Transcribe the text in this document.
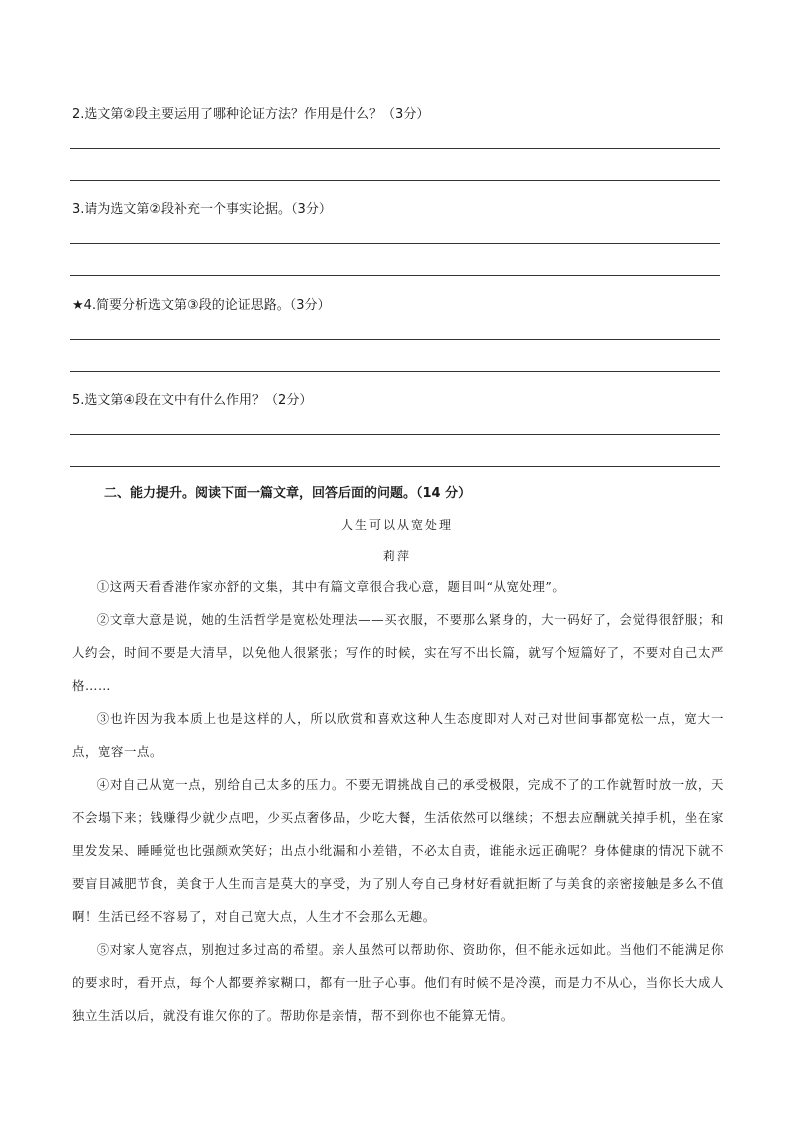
2.选文第②段主要运用了哪种论证方法？作用是什么？（3分）
3.请为选文第②段补充一个事实论据。（3分）
★4.简要分析选文第③段的论证思路。（3分）
5.选文第④段在文中有什么作用？（2分）
二、能力提升。阅读下面一篇文章，回答后面的问题。（14 分）
人生可以从宽处理
莉萍

①这两天看香港作家亦舒的文集，其中有篇文章很合我心意，题目叫“从宽处理”。

②文章大意是说，她的生活哲学是宽松处理法——买衣服，不要那么紧身的，大一码好了，会觉得很舒服；和人约会，时间不要是大清早，以免他人很紧张；写作的时候，实在写不出长篇，就写个短篇好了，不要对自己太严格……

③也许因为我本质上也是这样的人，所以欣赏和喜欢这种人生态度即对人对己对世间事都宽松一点，宽大一点，宽容一点。

④对自己从宽一点，别给自己太多的压力。不要无谓挑战自己的承受极限，完成不了的工作就暂时放一放，天不会塌下来；钱赚得少就少点吧，少买点奢侈品，少吃大餐，生活依然可以继续；不想去应酬就关掉手机，坐在家里发发呆、睡睡觉也比强颜欢笑好；出点小纰漏和小差错，不必太自责，谁能永远正确呢？身体健康的情况下就不要盲目减肥节食，美食于人生而言是莫大的享受，为了别人夸自己身材好看就拒断了与美食的亲密接触是多么不值啊！生活已经不容易了，对自己宽大点，人生才不会那么无趣。

⑤对家人宽容点，别抱过多过高的希望。亲人虽然可以帮助你、资助你，但不能永远如此。当他们不能满足你的要求时，看开点，每个人都要养家糊口，都有一肚子心事。他们有时候不是冷漠，而是力不从心，当你长大成人独立生活以后，就没有谁欠你的了。帮助你是亲情，帮不到你也不能算无情。
